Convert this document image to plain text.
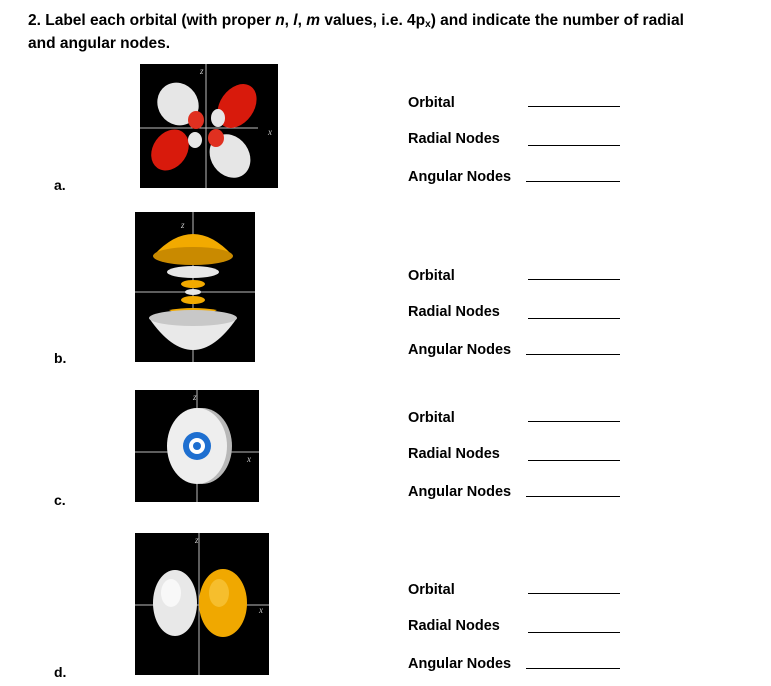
2. Label each orbital (with proper n, l, m values, i.e. $4p_x$) and indicate the number of radial
and angular nodes.
z
x
a.
Orbital
Radial Nodes
Angular Nodes
z
b.
Orbital
Radial Nodes
Angular Nodes
z
x
c.
Orbital
Radial Nodes
Angular Nodes
z
x
d.
Orbital
Radial Nodes
Angular Nodes
